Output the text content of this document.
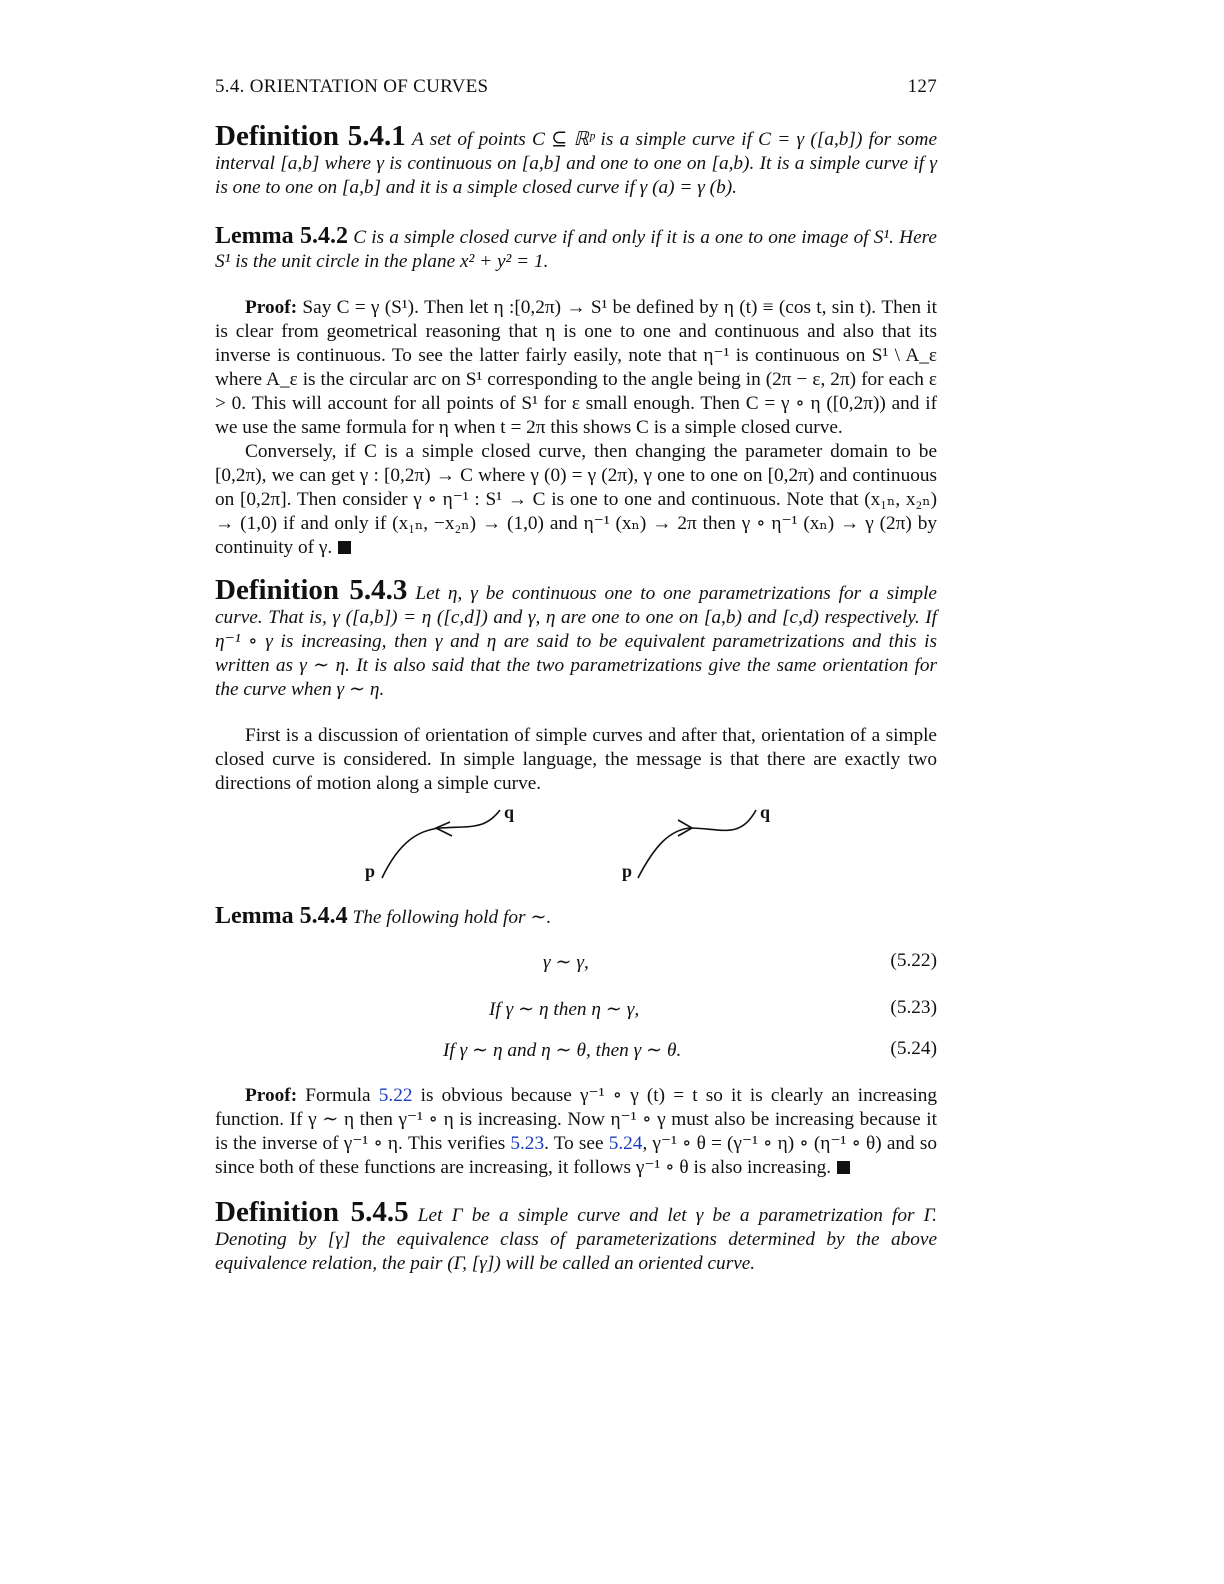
5.4. ORIENTATION OF CURVES	127

Definition 5.4.1 A set of points C ⊆ ℝᵖ is a simple curve if C = γ ([a,b]) for some interval [a,b] where γ is continuous on [a,b] and one to one on [a,b). It is a simple curve if γ is one to one on [a,b] and it is a simple closed curve if γ (a) = γ (b).

Lemma 5.4.2 C is a simple closed curve if and only if it is a one to one image of S¹. Here S¹ is the unit circle in the plane x² + y² = 1.

Proof: Say C = γ (S¹). Then let η :[0,2π) → S¹ be defined by η (t) ≡ (cos t, sin t). Then it is clear from geometrical reasoning that η is one to one and continuous and also that its inverse is continuous. To see the latter fairly easily, note that η⁻¹ is continuous on S¹ \ A_ε where A_ε is the circular arc on S¹ corresponding to the angle being in (2π − ε, 2π) for each ε > 0. This will account for all points of S¹ for ε small enough. Then C = γ ∘ η ([0,2π)) and if we use the same formula for η when t = 2π this shows C is a simple closed curve.

Conversely, if C is a simple closed curve, then changing the parameter domain to be [0,2π), we can get γ : [0,2π) → C where γ (0) = γ (2π), γ one to one on [0,2π) and continuous on [0,2π]. Then consider γ ∘ η⁻¹ : S¹ → C is one to one and continuous. Note that (x₁ₙ, x₂ₙ) → (1,0) if and only if (x₁ₙ, −x₂ₙ) → (1,0) and η⁻¹ (xₙ) → 2π then γ ∘ η⁻¹ (xₙ) → γ (2π) by continuity of γ.

Definition 5.4.3 Let η, γ be continuous one to one parametrizations for a simple curve. That is, γ ([a,b]) = η ([c,d]) and γ, η are one to one on [a,b) and [c,d) respectively. If η⁻¹ ∘ γ is increasing, then γ and η are said to be equivalent parametrizations and this is written as γ ∼ η. It is also said that the two parametrizations give the same orientation for the curve when γ ∼ η.

First is a discussion of orientation of simple curves and after that, orientation of a simple closed curve is considered. In simple language, the message is that there are exactly two directions of motion along a simple curve.

p
q
p
q

Lemma 5.4.4 The following hold for ∼.

γ ∼ γ,	(5.22)
If γ ∼ η then η ∼ γ,	(5.23)
If γ ∼ η and η ∼ θ, then γ ∼ θ.	(5.24)

Proof: Formula 5.22 is obvious because γ⁻¹ ∘ γ (t) = t so it is clearly an increasing function. If γ ∼ η then γ⁻¹ ∘ η is increasing. Now η⁻¹ ∘ γ must also be increasing because it is the inverse of γ⁻¹ ∘ η. This verifies 5.23. To see 5.24, γ⁻¹ ∘ θ = (γ⁻¹ ∘ η) ∘ (η⁻¹ ∘ θ) and so since both of these functions are increasing, it follows γ⁻¹ ∘ θ is also increasing.

Definition 5.4.5 Let Γ be a simple curve and let γ be a parametrization for Γ. Denoting by [γ] the equivalence class of parameterizations determined by the above equivalence relation, the pair (Γ, [γ]) will be called an oriented curve.
